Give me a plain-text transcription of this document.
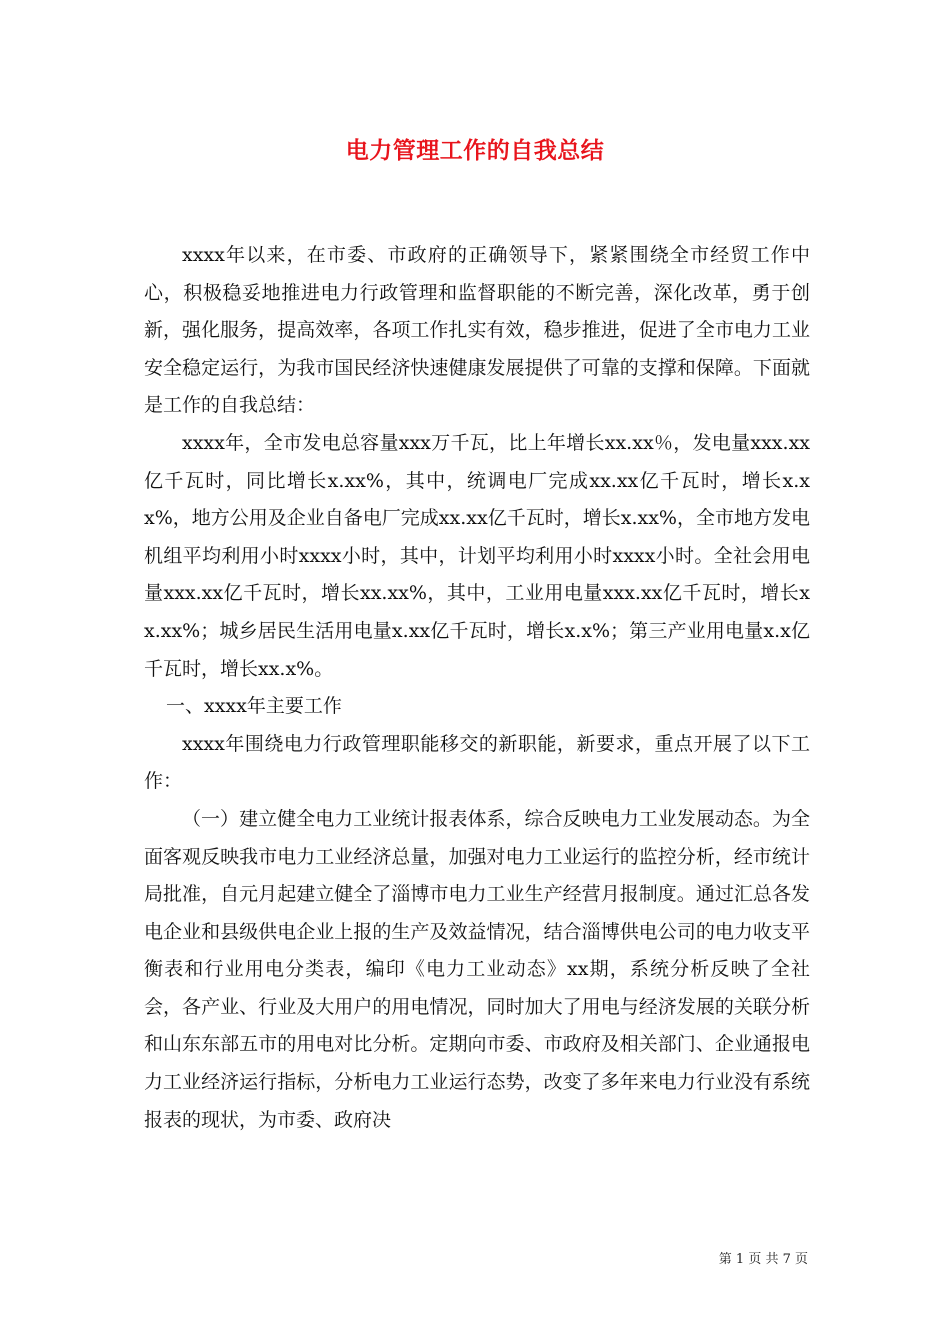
电力管理工作的自我总结

xxxx年以来，在市委、市政府的正确领导下，紧紧围绕全市经贸工作中心，积极稳妥地推进电力行政管理和监督职能的不断完善，深化改革，勇于创新，强化服务，提高效率，各项工作扎实有效，稳步推进，促进了全市电力工业安全稳定运行，为我市国民经济快速健康发展提供了可靠的支撑和保障。下面就是工作的自我总结：

xxxx年，全市发电总容量xxx万千瓦，比上年增长xx.xx％，发电量xxx.xx亿千瓦时，同比增长x.xx%，其中，统调电厂完成xx.xx亿千瓦时，增长x.xx%，地方公用及企业自备电厂完成xx.xx亿千瓦时，增长x.xx%，全市地方发电机组平均利用小时xxxx小时，其中，计划平均利用小时xxxx小时。全社会用电量xxx.xx亿千瓦时，增长xx.xx%，其中，工业用电量xxx.xx亿千瓦时，增长xx.xx%；城乡居民生活用电量x.xx亿千瓦时，增长x.x%；第三产业用电量x.x亿千瓦时，增长xx.x%。

一、xxxx年主要工作

xxxx年围绕电力行政管理职能移交的新职能，新要求，重点开展了以下工作：

（一）建立健全电力工业统计报表体系，综合反映电力工业发展动态。为全面客观反映我市电力工业经济总量，加强对电力工业运行的监控分析，经市统计局批准，自元月起建立健全了淄博市电力工业生产经营月报制度。通过汇总各发电企业和县级供电企业上报的生产及效益情况，结合淄博供电公司的电力收支平衡表和行业用电分类表，编印《电力工业动态》xx期，系统分析反映了全社会，各产业、行业及大用户的用电情况，同时加大了用电与经济发展的关联分析和山东东部五市的用电对比分析。定期向市委、市政府及相关部门、企业通报电力工业经济运行指标，分析电力工业运行态势，改变了多年来电力行业没有系统报表的现状，为市委、政府决

第 1 页 共 7 页
